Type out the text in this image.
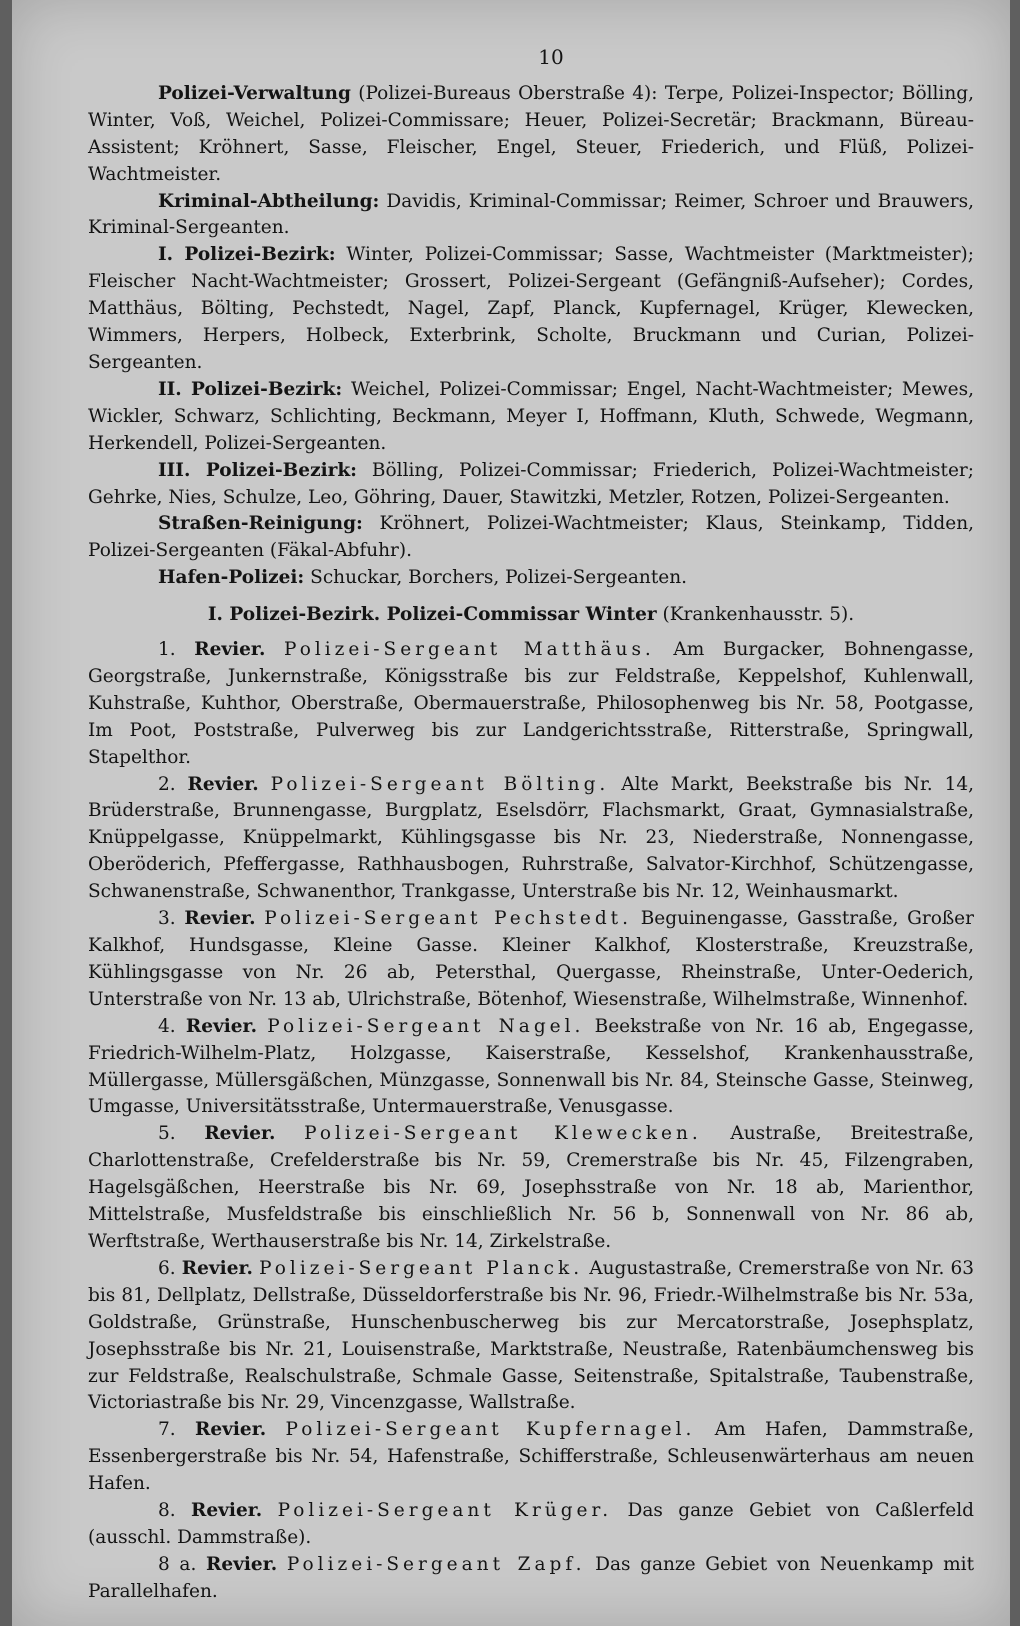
10

Polizei-Verwaltung (Polizei-Bureaus Oberstraße 4): Terpe, Polizei-Inspector; Bölling, Winter, Voß, Weichel, Polizei-Commissare; Heuer, Polizei-Secretär; Brackmann, Büreau-Assistent; Kröhnert, Sasse, Fleischer, Engel, Steuer, Friederich, und Flüß, Polizei-Wachtmeister.

Kriminal-Abtheilung: Davidis, Kriminal-Commissar; Reimer, Schroer und Brauwers, Kriminal-Sergeanten.

I. Polizei-Bezirk: Winter, Polizei-Commissar; Sasse, Wachtmeister (Marktmeister); Fleischer Nacht-Wachtmeister; Grossert, Polizei-Sergeant (Gefängniß-Aufseher); Cordes, Matthäus, Bölting, Pechstedt, Nagel, Zapf, Planck, Kupfernagel, Krüger, Klewecken, Wimmers, Herpers, Holbeck, Exterbrink, Scholte, Bruckmann und Curian, Polizei-Sergeanten.

II. Polizei-Bezirk: Weichel, Polizei-Commissar; Engel, Nacht-Wachtmeister; Mewes, Wickler, Schwarz, Schlichting, Beckmann, Meyer I, Hoffmann, Kluth, Schwede, Wegmann, Herkendell, Polizei-Sergeanten.

III. Polizei-Bezirk: Bölling, Polizei-Commissar; Friederich, Polizei-Wachtmeister; Gehrke, Nies, Schulze, Leo, Göhring, Dauer, Stawitzki, Metzler, Rotzen, Polizei-Sergeanten.

Straßen-Reinigung: Kröhnert, Polizei-Wachtmeister; Klaus, Steinkamp, Tidden, Polizei-Sergeanten (Fäkal-Abfuhr).

Hafen-Polizei: Schuckar, Borchers, Polizei-Sergeanten.

I. Polizei-Bezirk. Polizei-Commissar Winter (Krankenhausstr. 5).

1. Revier. Polizei-Sergeant Matthäus. Am Burgacker, Bohnengasse, Georgstraße, Junkernstraße, Königsstraße bis zur Feldstraße, Keppelshof, Kuhlenwall, Kuhstraße, Kuhthor, Oberstraße, Obermauerstraße, Philosophenweg bis Nr. 58, Pootgasse, Im Poot, Poststraße, Pulverweg bis zur Landgerichtsstraße, Ritterstraße, Springwall, Stapelthor.

2. Revier. Polizei-Sergeant Bölting. Alte Markt, Beekstraße bis Nr. 14, Brüderstraße, Brunnengasse, Burgplatz, Eselsdörr, Flachsmarkt, Graat, Gymnasialstraße, Knüppelgasse, Knüppelmarkt, Kühlingsgasse bis Nr. 23, Niederstraße, Nonnengasse, Oberöderich, Pfeffergasse, Rathhausbogen, Ruhrstraße, Salvator-Kirchhof, Schützengasse, Schwanenstraße, Schwanenthor, Trankgasse, Unterstraße bis Nr. 12, Weinhausmarkt.

3. Revier. Polizei-Sergeant Pechstedt. Beguinengasse, Gasstraße, Großer Kalkhof, Hundsgasse, Kleine Gasse. Kleiner Kalkhof, Klosterstraße, Kreuzstraße, Kühlingsgasse von Nr. 26 ab, Petersthal, Quergasse, Rheinstraße, Unter-Oederich, Unterstraße von Nr. 13 ab, Ulrichstraße, Bötenhof, Wiesenstraße, Wilhelmstraße, Winnenhof.

4. Revier. Polizei-Sergeant Nagel. Beekstraße von Nr. 16 ab, Engegasse, Friedrich-Wilhelm-Platz, Holzgasse, Kaiserstraße, Kesselshof, Krankenhausstraße, Müllergasse, Müllersgäßchen, Münzgasse, Sonnenwall bis Nr. 84, Steinsche Gasse, Steinweg, Umgasse, Universitätsstraße, Untermauerstraße, Venusgasse.

5. Revier. Polizei-Sergeant Klewecken. Austraße, Breitestraße, Charlottenstraße, Crefelderstraße bis Nr. 59, Cremerstraße bis Nr. 45, Filzengraben, Hagelsgäßchen, Heerstraße bis Nr. 69, Josephsstraße von Nr. 18 ab, Marienthor, Mittelstraße, Musfeldstraße bis einschließlich Nr. 56 b, Sonnenwall von Nr. 86 ab, Werftstraße, Werthauserstraße bis Nr. 14, Zirkelstraße.

6. Revier. Polizei-Sergeant Planck. Augustastraße, Cremerstraße von Nr. 63 bis 81, Dellplatz, Dellstraße, Düsseldorferstraße bis Nr. 96, Friedr.-Wilhelmstraße bis Nr. 53a, Goldstraße, Grünstraße, Hunschenbuscherweg bis zur Mercatorstraße, Josephsplatz, Josephsstraße bis Nr. 21, Louisenstraße, Marktstraße, Neustraße, Ratenbäumchensweg bis zur Feldstraße, Realschulstraße, Schmale Gasse, Seitenstraße, Spitalstraße, Taubenstraße, Victoriastraße bis Nr. 29, Vincenzgasse, Wallstraße.

7. Revier. Polizei-Sergeant Kupfernagel. Am Hafen, Dammstraße, Essenbergerstraße bis Nr. 54, Hafenstraße, Schifferstraße, Schleusenwärterhaus am neuen Hafen.

8. Revier. Polizei-Sergeant Krüger. Das ganze Gebiet von Caßlerfeld (ausschl. Dammstraße).

8 a. Revier. Polizei-Sergeant Zapf. Das ganze Gebiet von Neuenkamp mit Parallelhafen.
